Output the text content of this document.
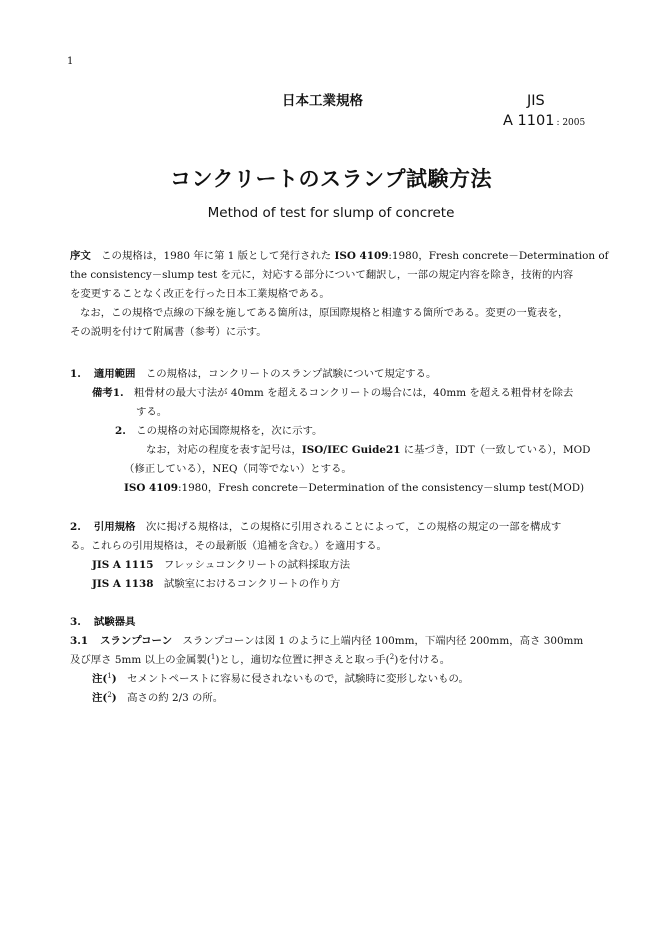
1
日本工業規格	JIS
A 1101 : 2005
コンクリートのスランプ試験方法
Method of test for slump of concrete
序文　 この規格は，1980 年に第 1 版として発行された ISO 4109:1980，Fresh concrete－Determination of
the consistency－slump test を元に，対応する部分について翻訳し，一部の規定内容を除き，技術的内容
を変更することなく改正を行った日本工業規格である。
なお，この規格で点線の下線を施してある箇所は，原国際規格と相違する箇所である。変更の一覧表を，
その説明を付けて附属書（参考）に示す。
1. 適用範囲　 この規格は，コンクリートのスランプ試験について規定する。
備考1.　 粗骨材の最大寸法が 40mm を超えるコンクリートの場合には，40mm を超える粗骨材を除去
する。
2.　 この規格の対応国際規格を，次に示す。
なお，対応の程度を表す記号は，ISO/IEC Guide21 に基づき，IDT（一致している），MOD
（修正している），NEQ（同等でない）とする。
ISO 4109:1980，Fresh concrete－Determination of the consistency－slump test(MOD)
2. 引用規格　 次に掲げる規格は，この規格に引用されることによって，この規格の規定の一部を構成す
る。これらの引用規格は，その最新版（追補を含む。）を適用する。
JIS A 1115　 フレッシュコンクリートの試料採取方法
JIS A 1138　 試験室におけるコンクリートの作り方
3. 試験器具
3.1 スランプコーン　 スランプコーンは図 1 のように上端内径 100mm，下端内径 200mm，高さ 300mm
及び厚さ 5mm 以上の金属製($^1$)とし，適切な位置に押さえと取っ手($^2$)を付ける。
注($^1$)　 セメントペーストに容易に侵されないもので，試験時に変形しないもの。
注($^2$)　 高さの約 2/3 の所。
